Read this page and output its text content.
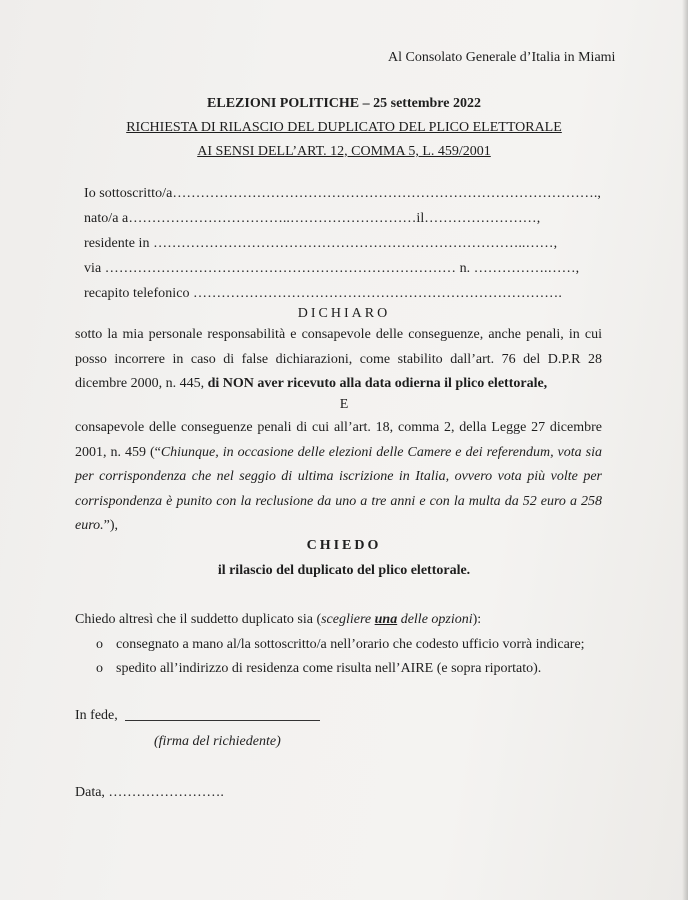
Al Consolato Generale d’Italia in Miami
ELEZIONI POLITICHE – 25 settembre 2022
RICHIESTA DI RILASCIO DEL DUPLICATO DEL PLICO ELETTORALE
AI SENSI DELL’ART. 12, COMMA 5, L. 459/2001
Io sottoscritto/a……………………………………………………………………………….,
nato/a a……………………………..………………………il……………………,
residente in ……………………………………………………………………..……,
via ………………………………………………………………… n. …………….……,
recapito telefonico …………………………………………………………………….
DICHIARO

sotto la mia personale responsabilità e consapevole delle conseguenze, anche penali, in cui posso incorrere in caso di false dichiarazioni, come stabilito dall’art. 76 del D.P.R 28 dicembre 2000, n. 445, di NON aver ricevuto alla data odierna il plico elettorale,

E

consapevole delle conseguenze penali di cui all’art. 18, comma 2, della Legge 27 dicembre 2001, n. 459 (“Chiunque, in occasione delle elezioni delle Camere e dei referendum, vota sia per corrispondenza che nel seggio di ultima iscrizione in Italia, ovvero vota più volte per corrispondenza è punito con la reclusione da uno a tre anni e con la multa da 52 euro a 258 euro.”),

CHIEDO
il rilascio del duplicato del plico elettorale.
Chiedo altresì che il suddetto duplicato sia (scegliere una delle opzioni):
o consegnato a mano al/la sottoscritto/a nell’orario che codesto ufficio vorrà indicare;
o spedito all’indirizzo di residenza come risulta nell’AIRE (e sopra riportato).
In fede,
(firma del richiedente)
Data, …………………….
